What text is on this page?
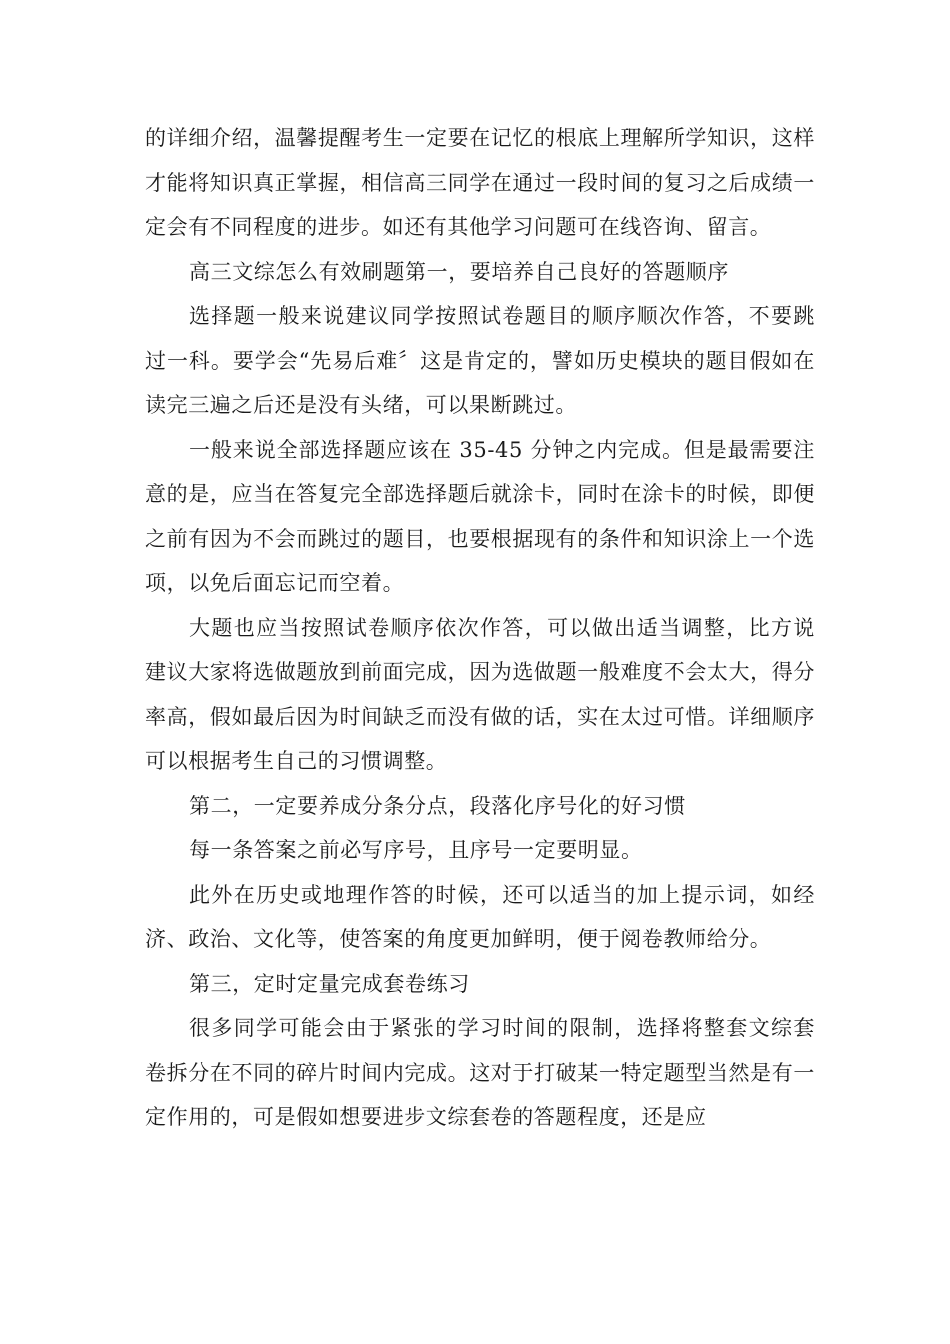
的详细介绍，温馨提醒考生一定要在记忆的根底上理解所学知识，这样才能将知识真正掌握，相信高三同学在通过一段时间的复习之后成绩一定会有不同程度的进步。如还有其他学习问题可在线咨询、留言。

高三文综怎么有效刷题第一，要培养自己良好的答题顺序

选择题一般来说建议同学按照试卷题目的顺序顺次作答，不要跳过一科。要学会“先易后难〞这是肯定的，譬如历史模块的题目假如在读完三遍之后还是没有头绪，可以果断跳过。

一般来说全部选择题应该在 35-45 分钟之内完成。但是最需要注意的是，应当在答复完全部选择题后就涂卡，同时在涂卡的时候，即便之前有因为不会而跳过的题目，也要根据现有的条件和知识涂上一个选项，以免后面忘记而空着。

大题也应当按照试卷顺序依次作答，可以做出适当调整，比方说建议大家将选做题放到前面完成，因为选做题一般难度不会太大，得分率高，假如最后因为时间缺乏而没有做的话，实在太过可惜。详细顺序可以根据考生自己的习惯调整。

第二，一定要养成分条分点，段落化序号化的好习惯

每一条答案之前必写序号，且序号一定要明显。

此外在历史或地理作答的时候，还可以适当的加上提示词，如经济、政治、文化等，使答案的角度更加鲜明，便于阅卷教师给分。

第三，定时定量完成套卷练习

很多同学可能会由于紧张的学习时间的限制，选择将整套文综套卷拆分在不同的碎片时间内完成。这对于打破某一特定题型当然是有一定作用的，可是假如想要进步文综套卷的答题程度，还是应
